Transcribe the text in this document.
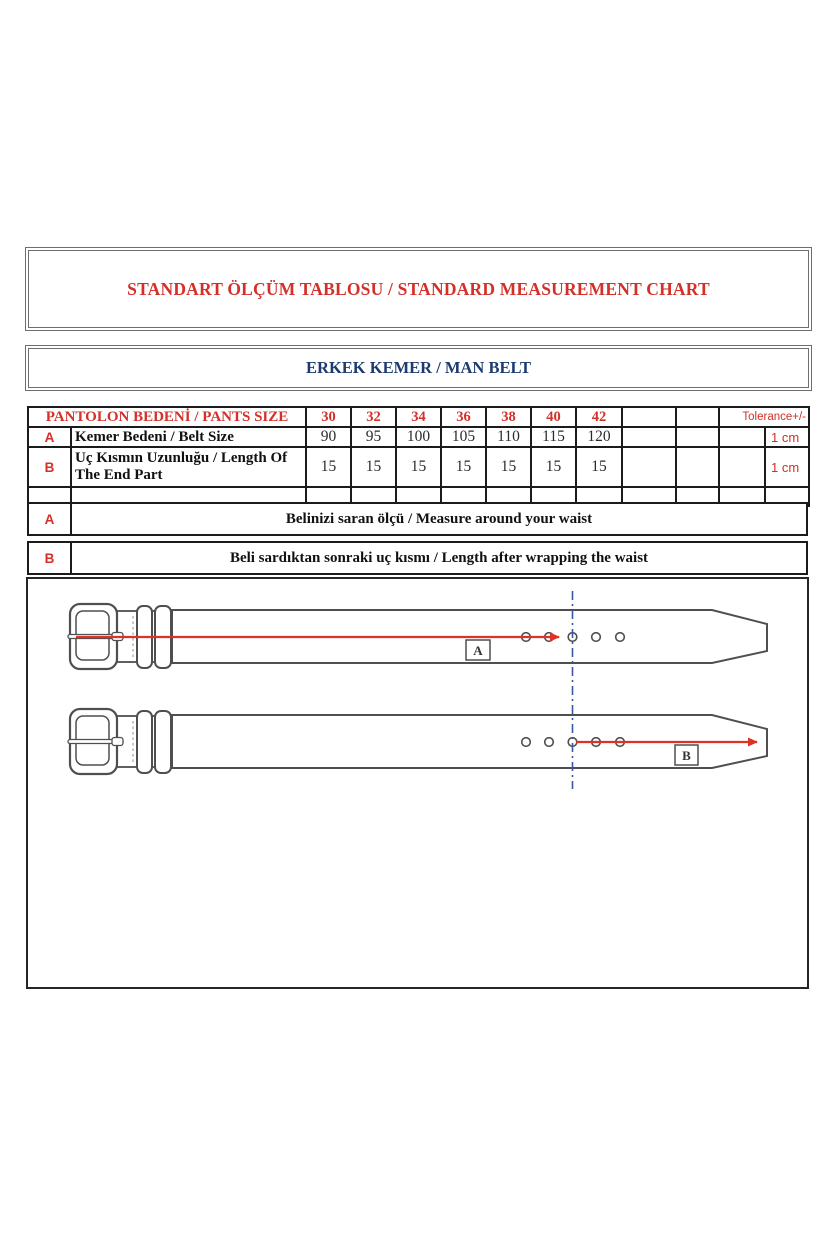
STANDART ÖLÇÜM TABLOSU / STANDARD MEASUREMENT CHART
ERKEK KEMER / MAN BELT
PANTOLON BEDENİ / PANTS SIZE		30	32	34	36	38	40	42			Tolerance+/-	
A	Kemer Bedeni / Belt Size	90	95	100	105	110	115	120				1 cm
B	Uç Kısmın Uzunluğu / Length Of The End Part	15	15	15	15	15	15	15				1 cm

A	Belinizi saran ölçü / Measure around your waist
B	Beli sardıktan sonraki uç kısmı / Length after wrapping the waist
A
B
